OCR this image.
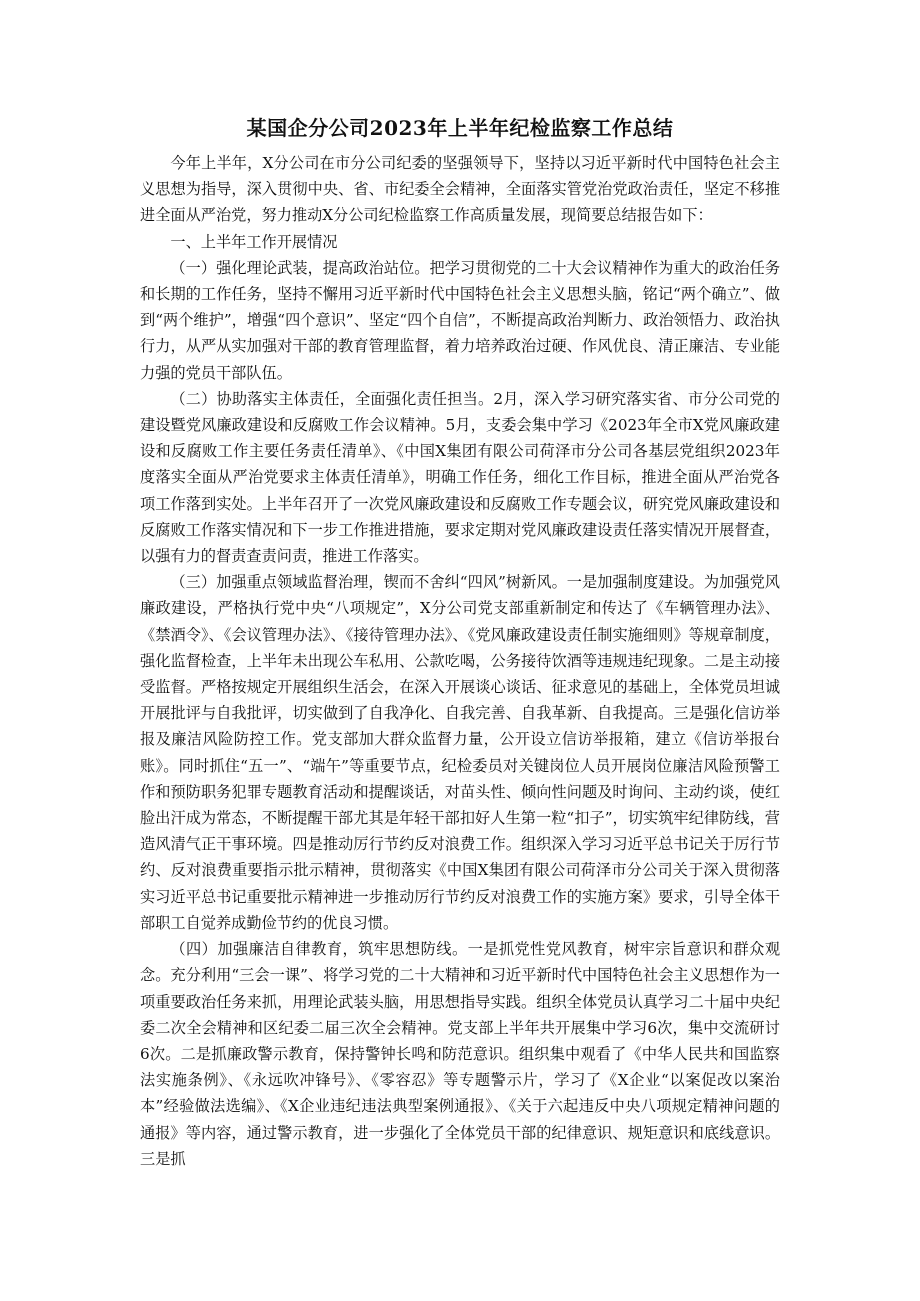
某国企分公司2023年上半年纪检监察工作总结

今年上半年，X分公司在市分公司纪委的坚强领导下，坚持以习近平新时代中国特色社会主义思想为指导，深入贯彻中央、省、市纪委全会精神，全面落实管党治党政治责任，坚定不移推进全面从严治党，努力推动X分公司纪检监察工作高质量发展，现简要总结报告如下：

一、上半年工作开展情况

（一）强化理论武装，提高政治站位。把学习贯彻党的二十大会议精神作为重大的政治任务和长期的工作任务，坚持不懈用习近平新时代中国特色社会主义思想头脑，铭记“两个确立”、做到“两个维护”，增强“四个意识”、坚定“四个自信”，不断提高政治判断力、政治领悟力、政治执行力，从严从实加强对干部的教育管理监督，着力培养政治过硬、作风优良、清正廉洁、专业能力强的党员干部队伍。

（二）协助落实主体责任，全面强化责任担当。2月，深入学习研究落实省、市分公司党的建设暨党风廉政建设和反腐败工作会议精神。5月，支委会集中学习《2023年全市X党风廉政建设和反腐败工作主要任务责任清单》、《中国X集团有限公司荷泽市分公司各基层党组织2023年度落实全面从严治党要求主体责任清单》，明确工作任务，细化工作目标，推进全面从严治党各项工作落到实处。上半年召开了一次党风廉政建设和反腐败工作专题会议，研究党风廉政建设和反腐败工作落实情况和下一步工作推进措施，要求定期对党风廉政建设责任落实情况开展督查，以强有力的督责查责问责，推进工作落实。

（三）加强重点领域监督治理，锲而不舍纠“四风”树新风。一是加强制度建设。为加强党风廉政建设，严格执行党中央“八项规定”，X分公司党支部重新制定和传达了《车辆管理办法》、《禁酒令》、《会议管理办法》、《接待管理办法》、《党风廉政建设责任制实施细则》等规章制度，强化监督检查，上半年未出现公车私用、公款吃喝，公务接待饮酒等违规违纪现象。二是主动接受监督。严格按规定开展组织生活会，在深入开展谈心谈话、征求意见的基础上，全体党员坦诚开展批评与自我批评，切实做到了自我净化、自我完善、自我革新、自我提高。三是强化信访举报及廉洁风险防控工作。党支部加大群众监督力量，公开设立信访举报箱，建立《信访举报台账》。同时抓住“五一”、“端午”等重要节点，纪检委员对关键岗位人员开展岗位廉洁风险预警工作和预防职务犯罪专题教育活动和提醒谈话，对苗头性、倾向性问题及时询问、主动约谈，使红脸出汗成为常态，不断提醒干部尤其是年轻干部扣好人生第一粒“扣子”，切实筑牢纪律防线，营造风清气正干事环境。四是推动厉行节约反对浪费工作。组织深入学习习近平总书记关于厉行节约、反对浪费重要指示批示精神，贯彻落实《中国X集团有限公司荷泽市分公司关于深入贯彻落实习近平总书记重要批示精神进一步推动厉行节约反对浪费工作的实施方案》要求，引导全体干部职工自觉养成勤俭节约的优良习惯。

（四）加强廉洁自律教育，筑牢思想防线。一是抓党性党风教育，树牢宗旨意识和群众观念。充分利用“三会一课”、将学习党的二十大精神和习近平新时代中国特色社会主义思想作为一项重要政治任务来抓，用理论武装头脑，用思想指导实践。组织全体党员认真学习二十届中央纪委二次全会精神和区纪委二届三次全会精神。党支部上半年共开展集中学习6次，集中交流研讨6次。二是抓廉政警示教育，保持警钟长鸣和防范意识。组织集中观看了《中华人民共和国监察法实施条例》、《永远吹冲锋号》、《零容忍》等专题警示片，学习了《X企业“以案促改以案治本”经验做法选编》、《X企业违纪违法典型案例通报》、《关于六起违反中央八项规定精神问题的通报》等内容，通过警示教育，进一步强化了全体党员干部的纪律意识、规矩意识和底线意识。三是抓
